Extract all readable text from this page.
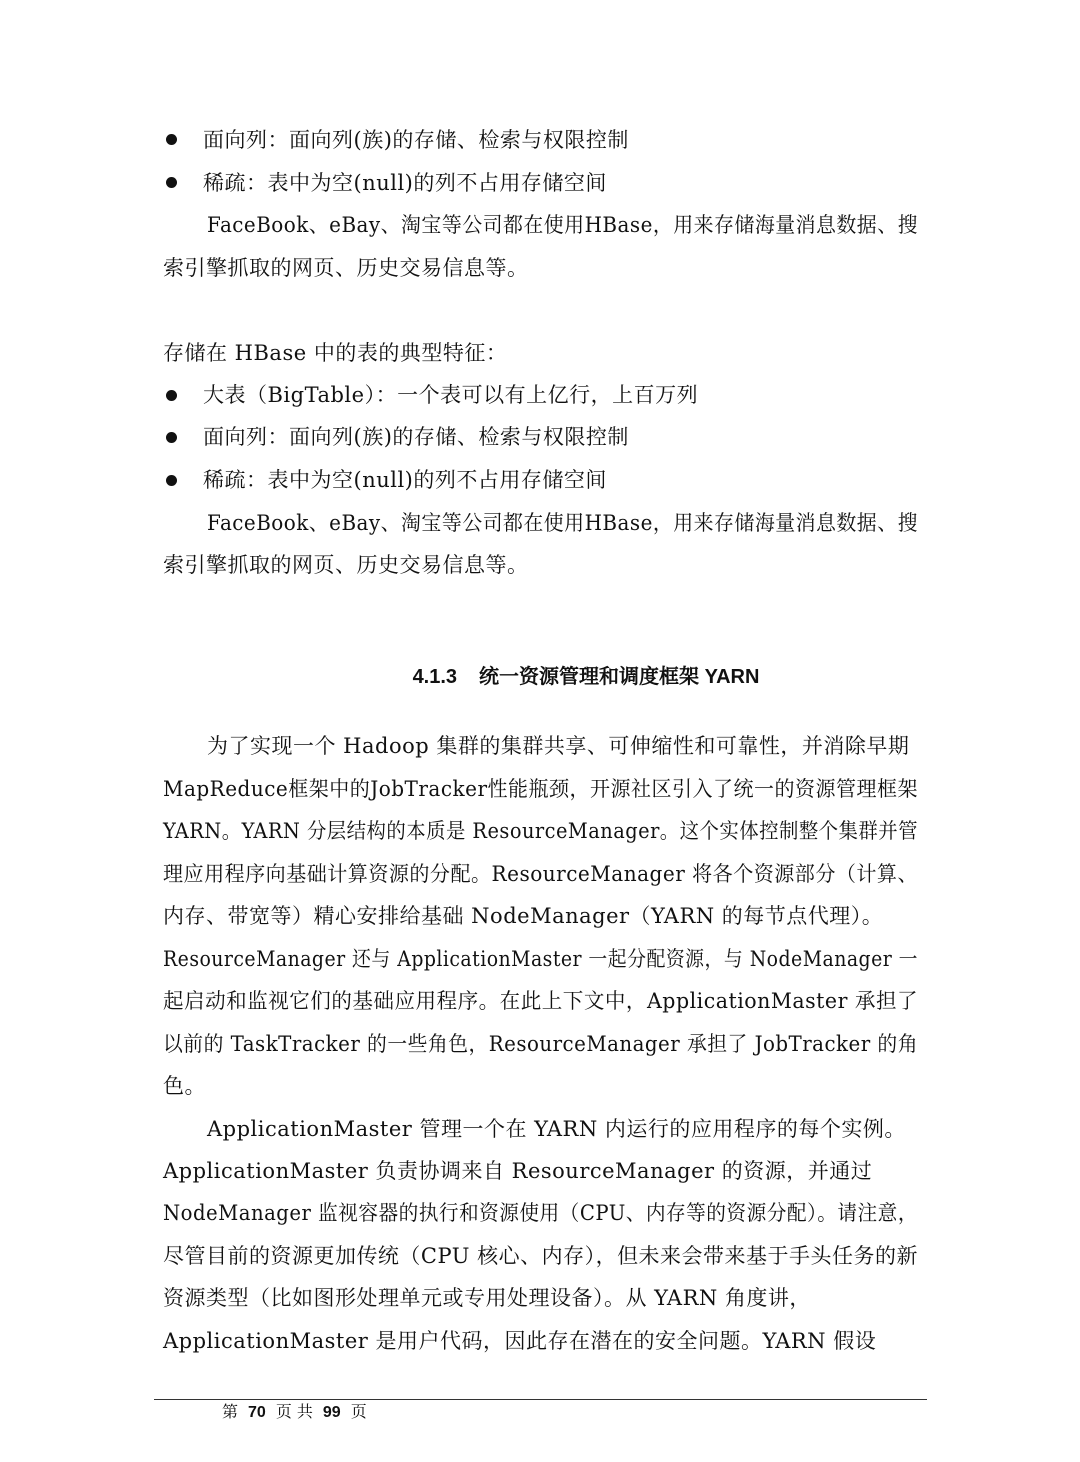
面向列：面向列(族)的存储、检索与权限控制
稀疏：表中为空(null)的列不占用存储空间
FaceBook、eBay、淘宝等公司都在使用HBase，用来存储海量消息数据、搜
索引擎抓取的网页、历史交易信息等。
存储在 HBase 中的表的典型特征：
大表（BigTable）：一个表可以有上亿行，上百万列
面向列：面向列(族)的存储、检索与权限控制
稀疏：表中为空(null)的列不占用存储空间
FaceBook、eBay、淘宝等公司都在使用HBase，用来存储海量消息数据、搜
索引擎抓取的网页、历史交易信息等。
4.1.3 统一资源管理和调度框架 YARN
为了实现一个 Hadoop 集群的集群共享、可伸缩性和可靠性，并消除早期
MapReduce框架中的JobTracker性能瓶颈，开源社区引入了统一的资源管理框架
YARN。YARN 分层结构的本质是 ResourceManager。这个实体控制整个集群并管
理应用程序向基础计算资源的分配。ResourceManager 将各个资源部分（计算、
内存、带宽等）精心安排给基础 NodeManager（YARN 的每节点代理）。
ResourceManager 还与 ApplicationMaster 一起分配资源，与 NodeManager 一
起启动和监视它们的基础应用程序。在此上下文中，ApplicationMaster 承担了
以前的 TaskTracker 的一些角色，ResourceManager 承担了 JobTracker 的角
色。
ApplicationMaster 管理一个在 YARN 内运行的应用程序的每个实例。
ApplicationMaster 负责协调来自 ResourceManager 的资源，并通过
NodeManager 监视容器的执行和资源使用（CPU、内存等的资源分配）。请注意，
尽管目前的资源更加传统（CPU 核心、内存），但未来会带来基于手头任务的新
资源类型（比如图形处理单元或专用处理设备）。从 YARN 角度讲，
ApplicationMaster 是用户代码，因此存在潜在的安全问题。YARN 假设
第 70 页 共 99 页
